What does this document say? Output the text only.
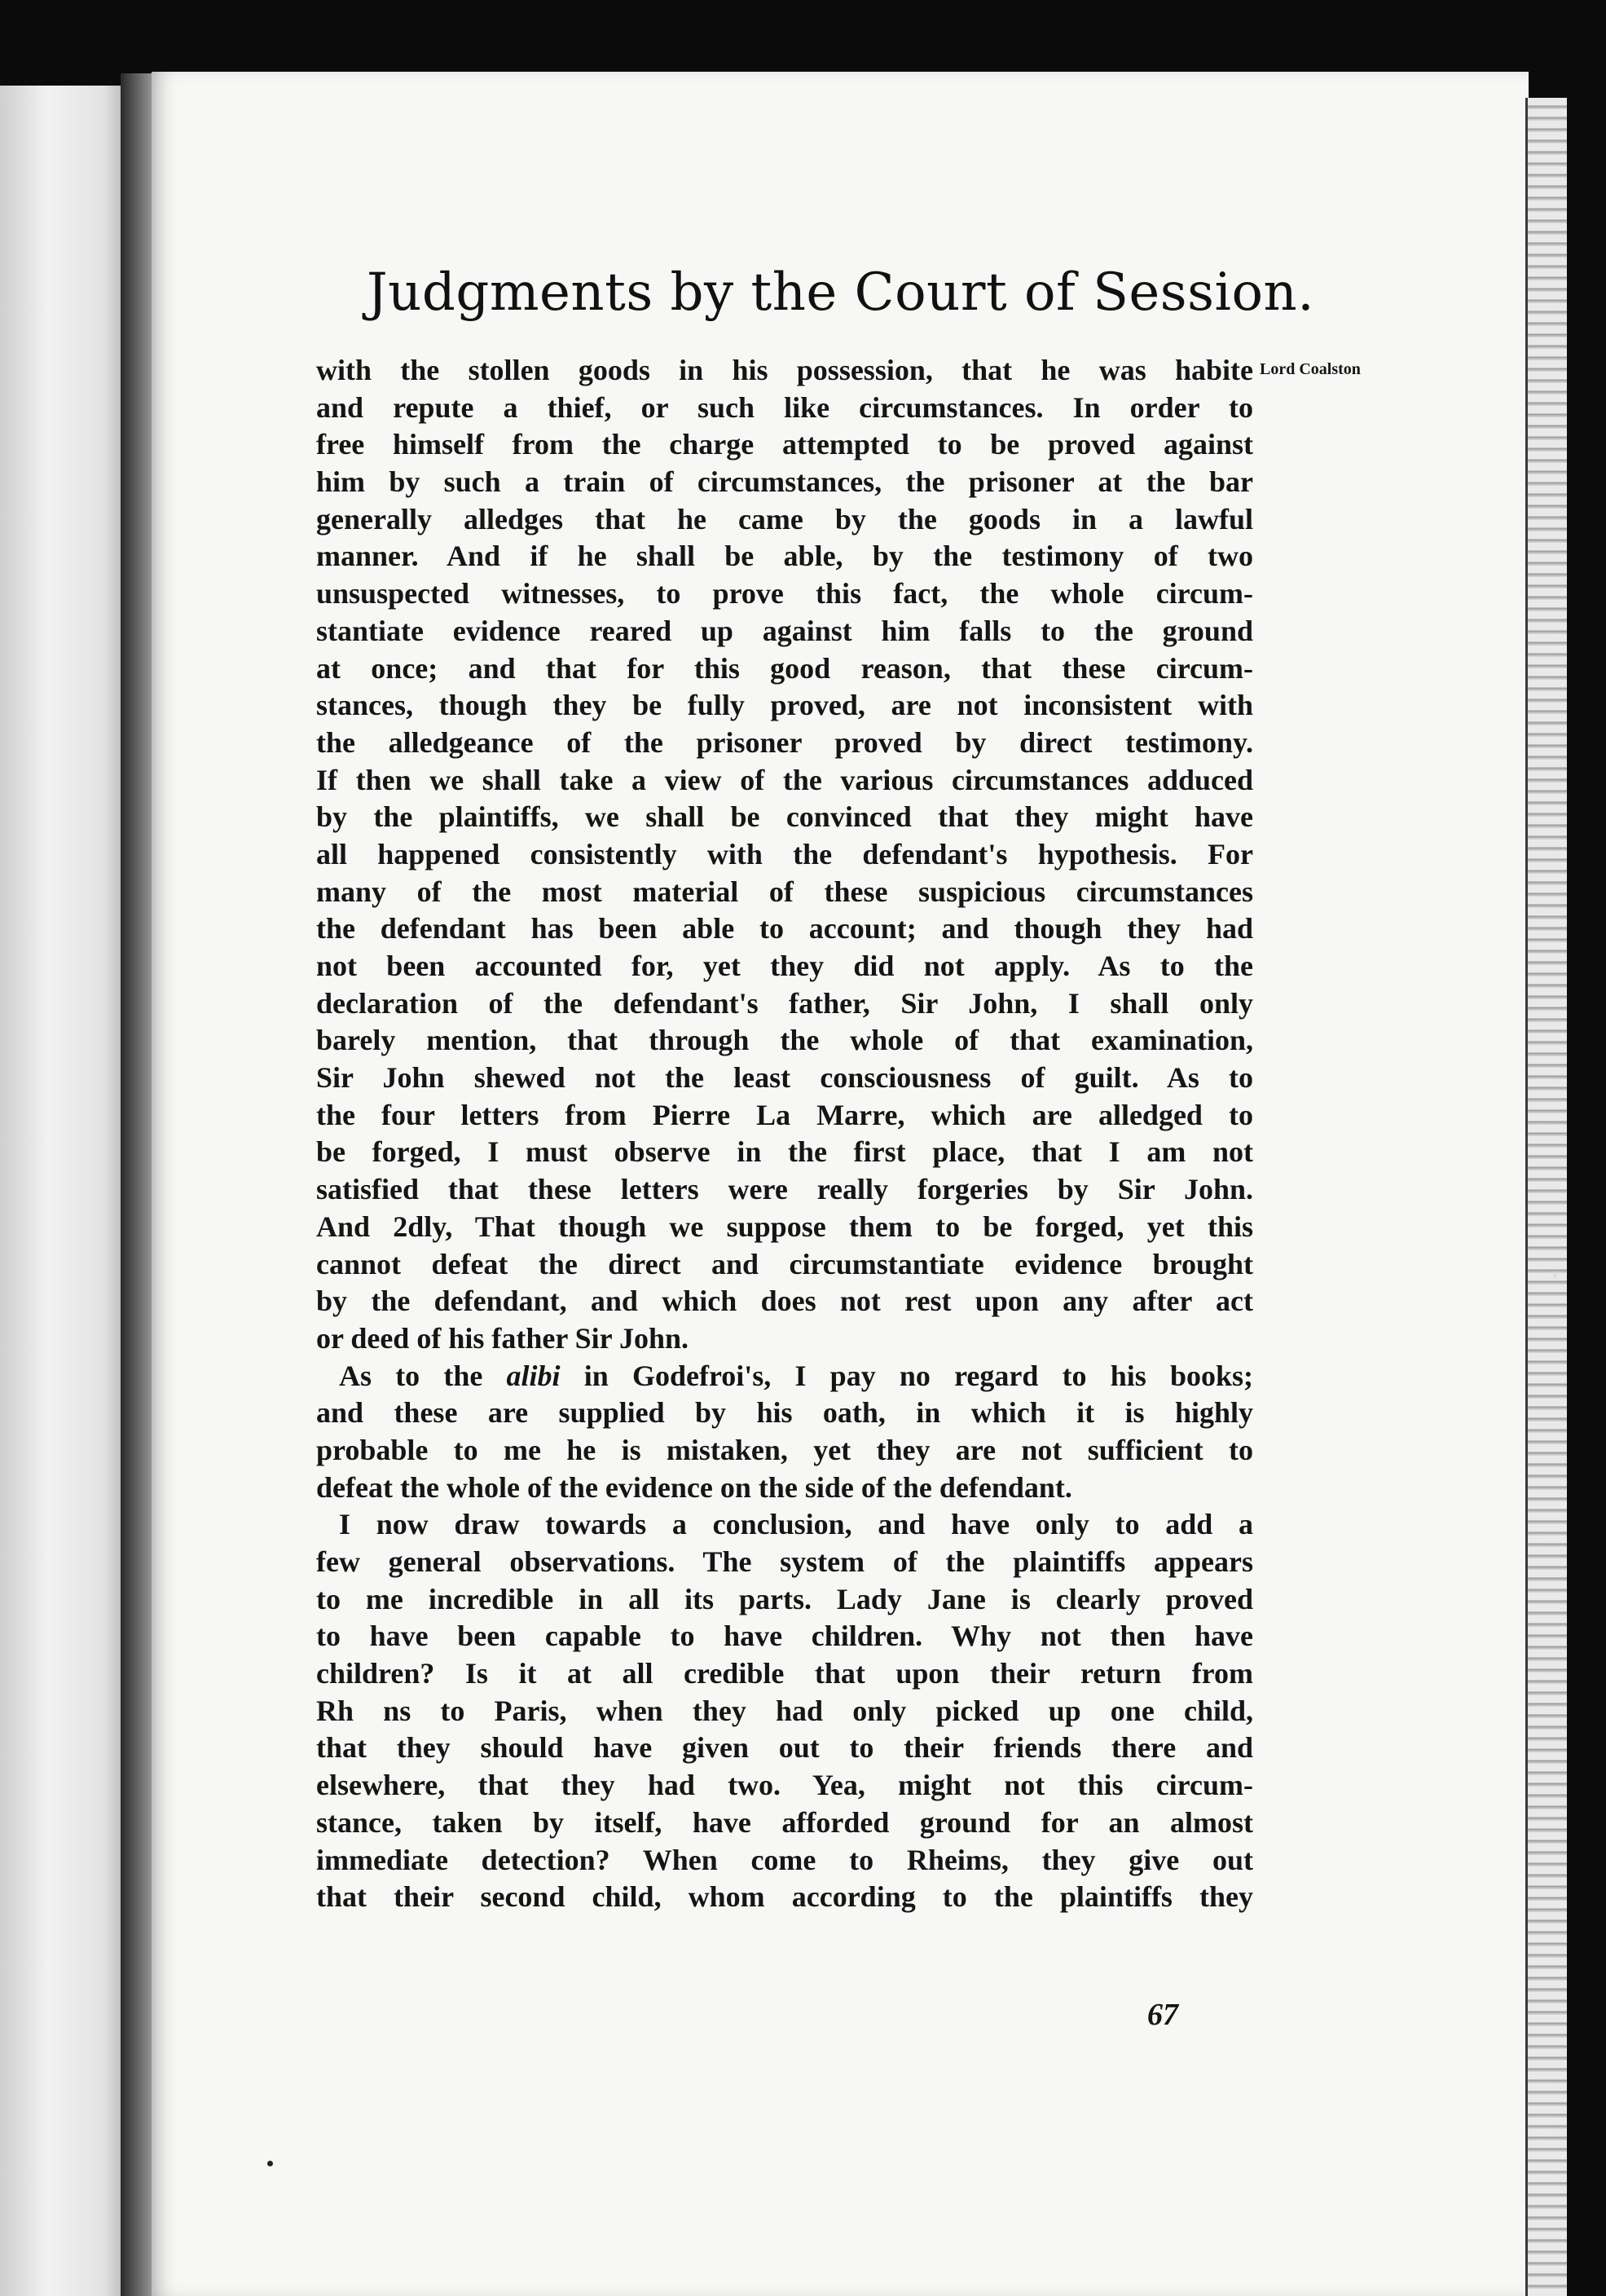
Judgments by the Court of Session.
Lord Coalston
with the stollen goods in his possession, that he was habite
and repute a thief, or such like circumstances. In order to
free himself from the charge attempted to be proved against
him by such a train of circumstances, the prisoner at the bar
generally alledges that he came by the goods in a lawful
manner. And if he shall be able, by the testimony of two
unsuspected witnesses, to prove this fact, the whole circum-
stantiate evidence reared up against him falls to the ground
at once; and that for this good reason, that these circum-
stances, though they be fully proved, are not inconsistent with
the alledgeance of the prisoner proved by direct testimony.
If then we shall take a view of the various circumstances adduced
by the plaintiffs, we shall be convinced that they might have
all happened consistently with the defendant's hypothesis. For
many of the most material of these suspicious circumstances
the defendant has been able to account; and though they had
not been accounted for, yet they did not apply. As to the
declaration of the defendant's father, Sir John, I shall only
barely mention, that through the whole of that examination,
Sir John shewed not the least consciousness of guilt. As to
the four letters from Pierre La Marre, which are alledged to
be forged, I must observe in the first place, that I am not
satisfied that these letters were really forgeries by Sir John.
And 2dly, That though we suppose them to be forged, yet this
cannot defeat the direct and circumstantiate evidence brought
by the defendant, and which does not rest upon any after act
or deed of his father Sir John.
As to the alibi in Godefroi's, I pay no regard to his books;
and these are supplied by his oath, in which it is highly
probable to me he is mistaken, yet they are not sufficient to
defeat the whole of the evidence on the side of the defendant.
I now draw towards a conclusion, and have only to add a
few general observations. The system of the plaintiffs appears
to me incredible in all its parts. Lady Jane is clearly proved
to have been capable to have children. Why not then have
children? Is it at all credible that upon their return from
Rh ns to Paris, when they had only picked up one child,
that they should have given out to their friends there and
elsewhere, that they had two. Yea, might not this circum-
stance, taken by itself, have afforded ground for an almost
immediate detection? When come to Rheims, they give out
that their second child, whom according to the plaintiffs they
67
